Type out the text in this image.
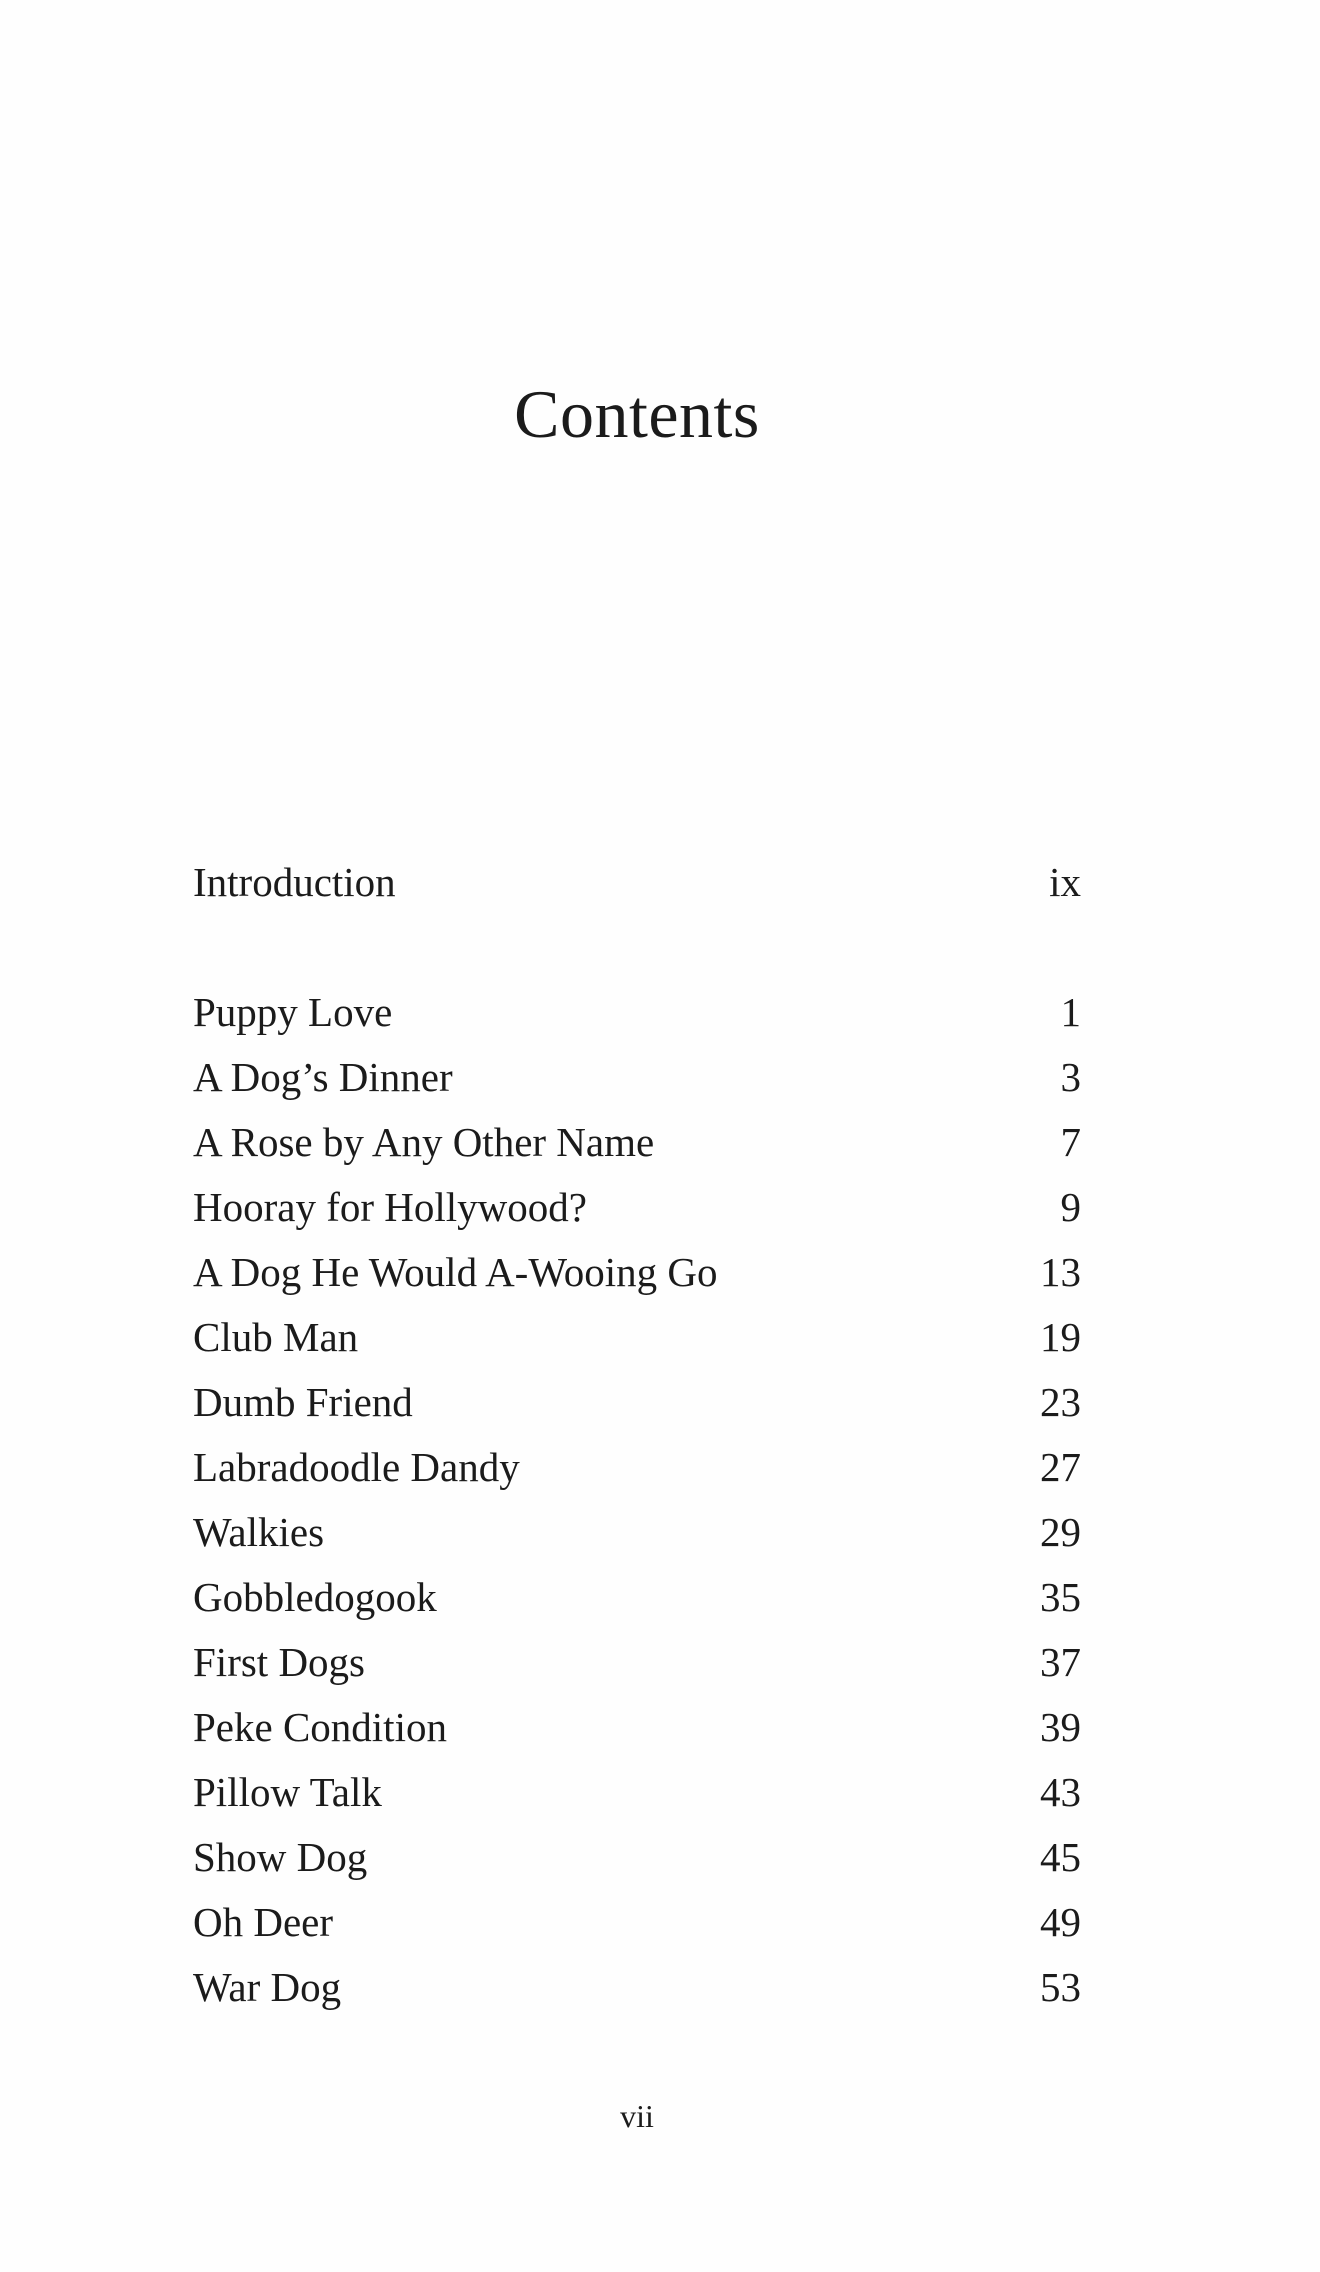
Contents
Introduction	ix
Puppy Love	1
A Dog’s Dinner	3
A Rose by Any Other Name	7
Hooray for Hollywood?	9
A Dog He Would A-Wooing Go	13
Club Man	19
Dumb Friend	23
Labradoodle Dandy	27
Walkies	29
Gobbledogook	35
First Dogs	37
Peke Condition	39
Pillow Talk	43
Show Dog	45
Oh Deer	49
War Dog	53
vii
